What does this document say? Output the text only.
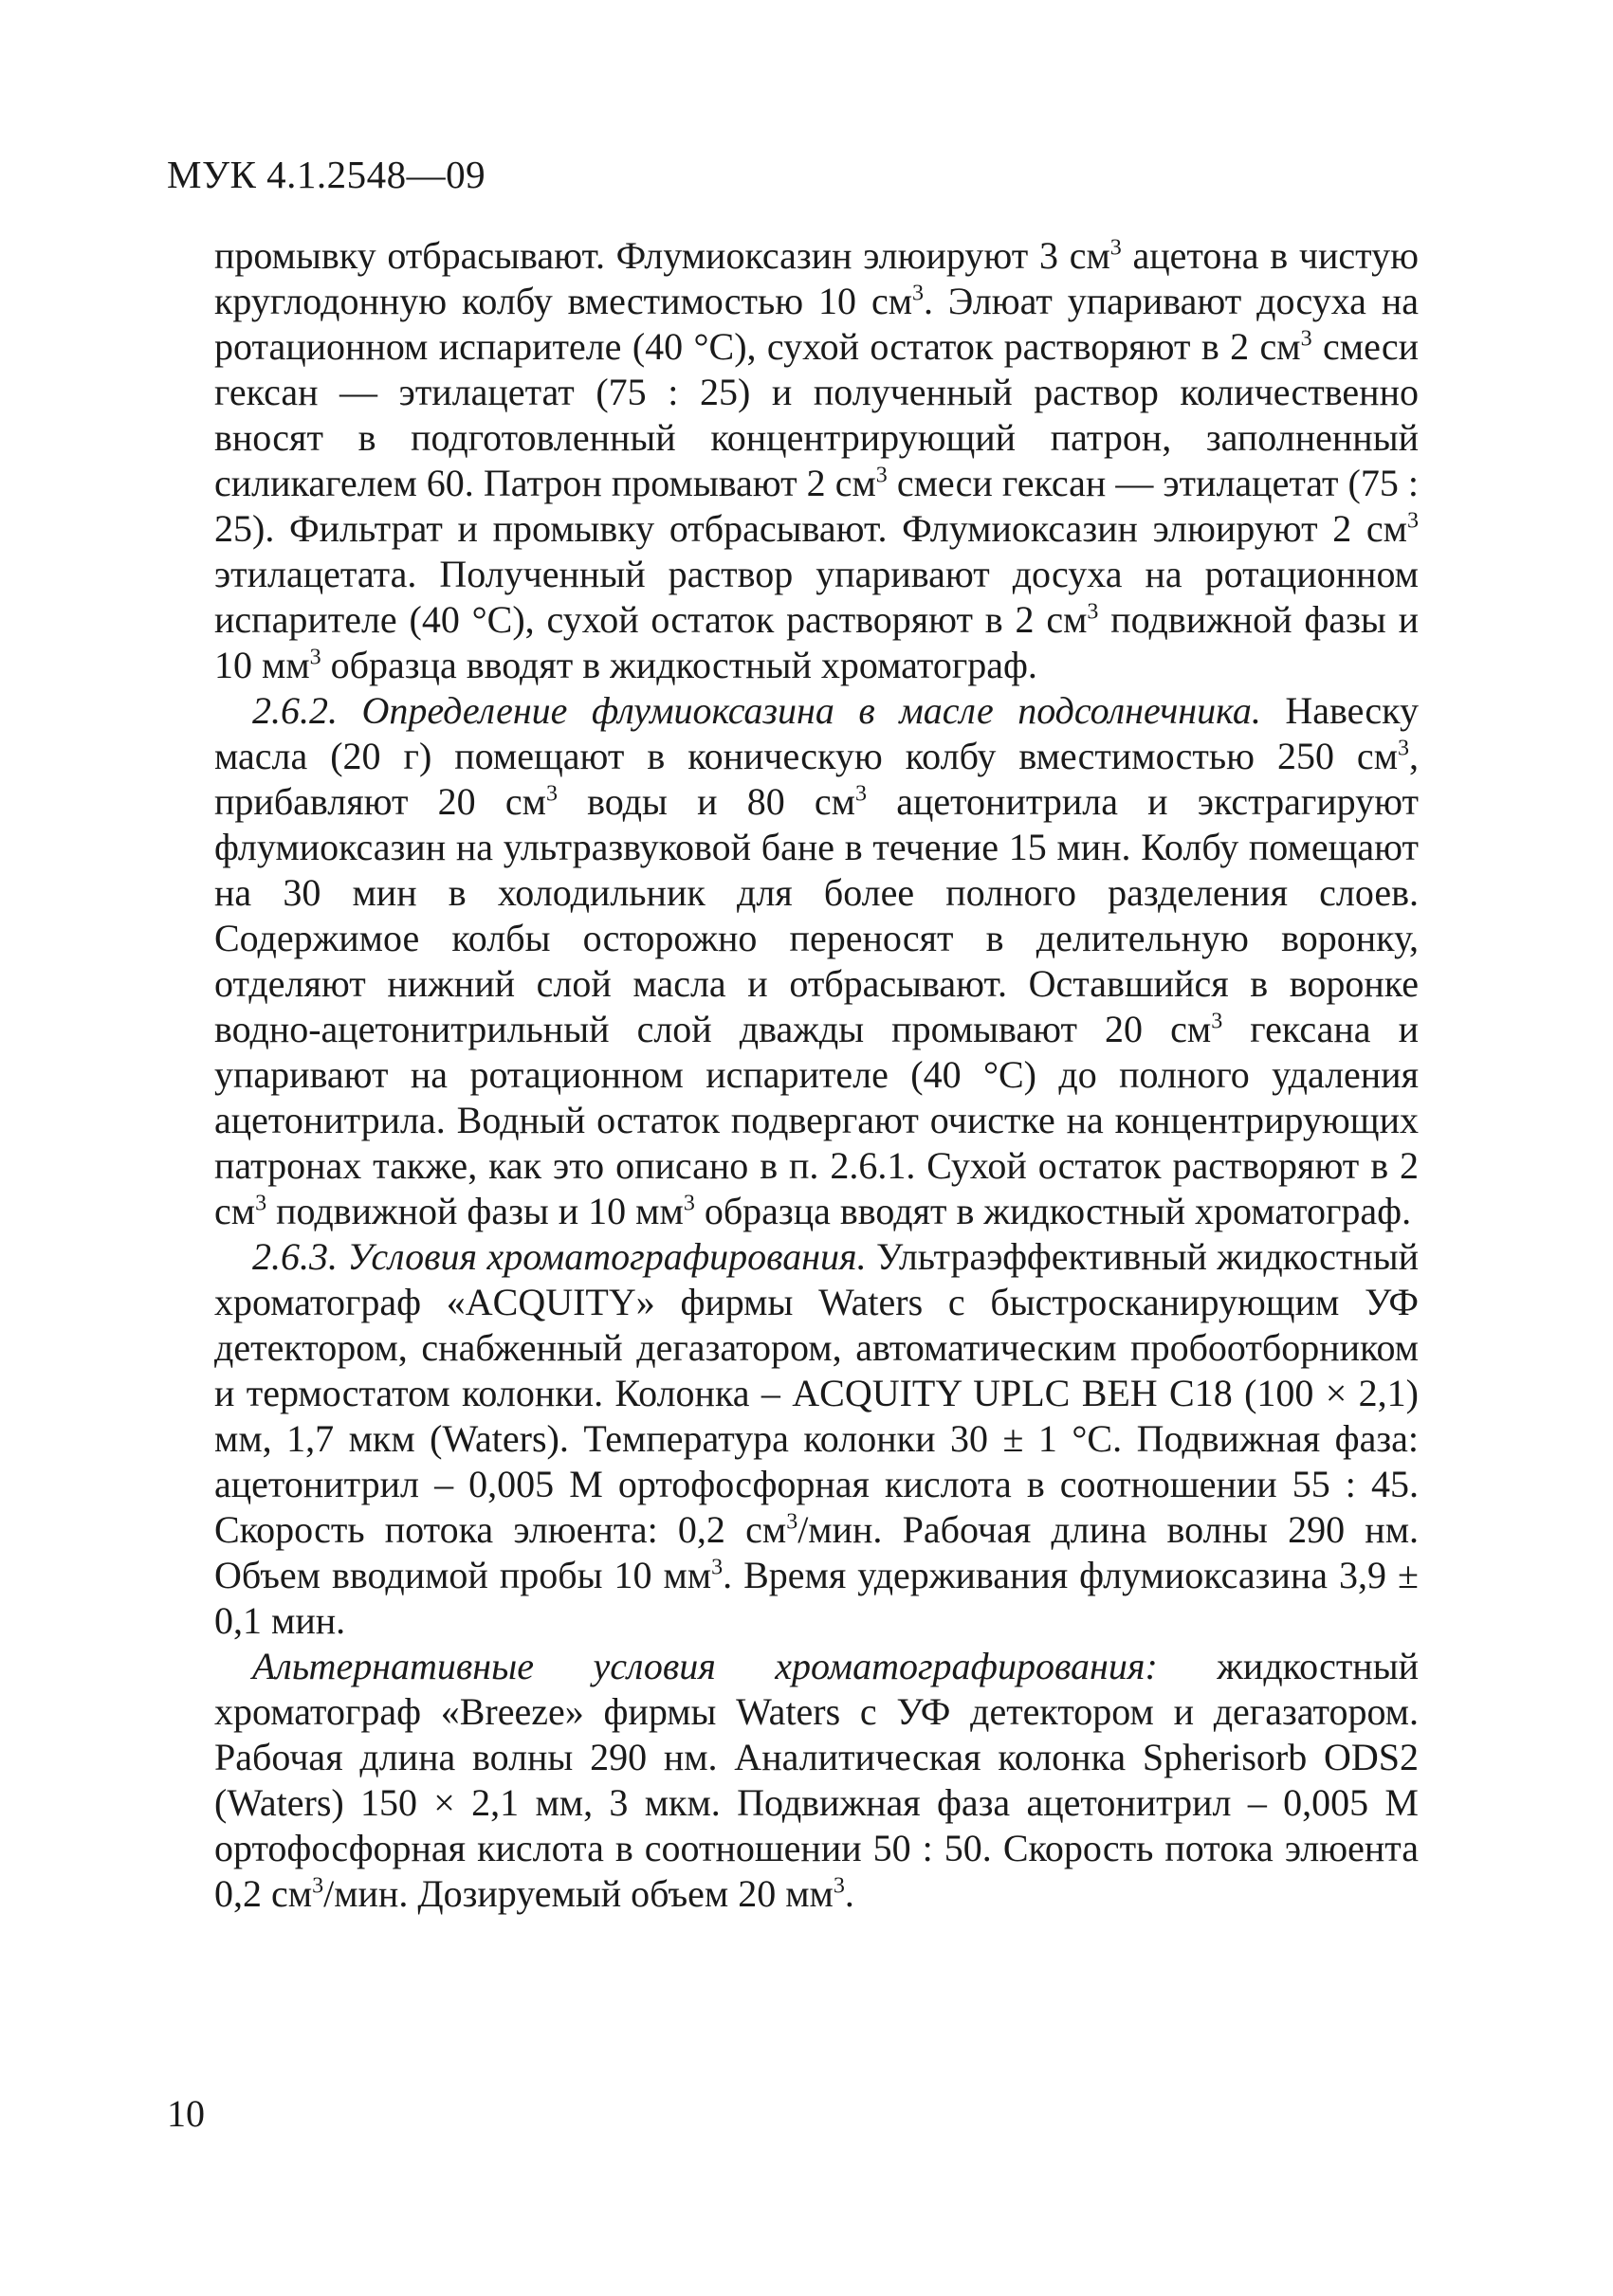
МУК 4.1.2548—09

промывку отбрасывают. Флумиоксазин элюируют 3 $см^3$ ацетона в чистую круглодонную колбу вместимостью 10 $см^3$. Элюат упаривают досуха на ротационном испарителе (40 °C), сухой остаток растворяют в 2 $см^3$ смеси гексан — этилацетат (75 : 25) и полученный раствор количественно вносят в подготовленный концентрирующий патрон, заполненный силикагелем 60. Патрон промывают 2 $см^3$ смеси гексан — этилацетат (75 : 25). Фильтрат и промывку отбрасывают. Флумиоксазин элюируют 2 $см^3$ этилацетата. Полученный раствор упаривают досуха на ротационном испарителе (40 °C), сухой остаток растворяют в 2 $см^3$ подвижной фазы и 10 $мм^3$ образца вводят в жидкостный хроматограф.

2.6.2. Определение флумиоксазина в масле подсолнечника. Навеску масла (20 г) помещают в коническую колбу вместимостью 250 $см^3$, прибавляют 20 $см^3$ воды и 80 $см^3$ ацетонитрила и экстрагируют флумиоксазин на ультразвуковой бане в течение 15 мин. Колбу помещают на 30 мин в холодильник для более полного разделения слоев. Содержимое колбы осторожно переносят в делительную воронку, отделяют нижний слой масла и отбрасывают. Оставшийся в воронке водно-ацетонитрильный слой дважды промывают 20 $см^3$ гексана и упаривают на ротационном испарителе (40 °C) до полного удаления ацетонитрила. Водный остаток подвергают очистке на концентрирующих патронах также, как это описано в п. 2.6.1. Сухой остаток растворяют в 2 $см^3$ подвижной фазы и 10 $мм^3$ образца вводят в жидкостный хроматограф.

2.6.3. Условия хроматографирования. Ультраэффективный жидкостный хроматограф «ACQUITY» фирмы Waters с быстросканирующим УФ детектором, снабженный дегазатором, автоматическим пробоотборником и термостатом колонки. Колонка – ACQUITY UPLC BEH C18 (100 × 2,1) мм, 1,7 мкм (Waters). Температура колонки 30 ± 1 °C. Подвижная фаза: ацетонитрил – 0,005 М ортофосфорная кислота в соотношении 55 : 45. Скорость потока элюента: 0,2 $см^3$/мин. Рабочая длина волны 290 нм. Объем вводимой пробы 10 $мм^3$. Время удерживания флумиоксазина 3,9 ± 0,1 мин.

Альтернативные условия хроматографирования: жидкостный хроматограф «Breeze» фирмы Waters с УФ детектором и дегазатором. Рабочая длина волны 290 нм. Аналитическая колонка Spherisorb ODS2 (Waters) 150 × 2,1 мм, 3 мкм. Подвижная фаза ацетонитрил – 0,005 М ортофосфорная кислота в соотношении 50 : 50. Скорость потока элюента 0,2 $см^3$/мин. Дозируемый объем 20 $мм^3$.

10
